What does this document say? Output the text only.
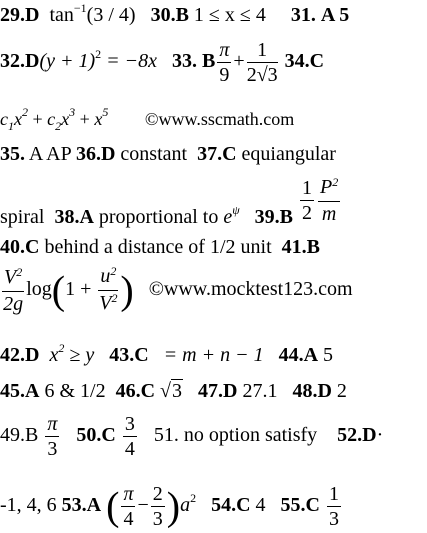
29.D $\tan^{-1}(3 / 4)$ 30.B 1 ≤ x ≤ 4 31. A 5
$32.D(y + 1)^2 = -8x$ 33. B $\frac{\pi}{9} + \frac{1}{2√3} 34.C$
$c_1x^2 + c_2x^3 + x^5$ ©www.sscmath.com
35. A AP 36.D constant 37.C equiangular
spiral 38.A proportional to $e^\psi$ $39.B \frac{1}{2} \frac{P^2}{m}$
40.C behind a distance of 1/2 unit 41.B
$\frac{V^2}{2g} \log(1 + \frac{u^2}{V^2}$ ) ©www.mocktest123.com
42.D $x^2 \ge y$ 43.C = m + n − 1 44.A 5
45.A 6 & 1/2 46.C √3 47.D 27.1 48.D 2
$49.B \frac{\pi}{3} 50.C \frac{3}{4} 51$. no option satisfy 52.D·
-1, 4, 6 53.A ( $\frac{\pi}{4} - \frac{2}{3} )a^2$ 54.C 4 $55.C \frac{1}{3}$
